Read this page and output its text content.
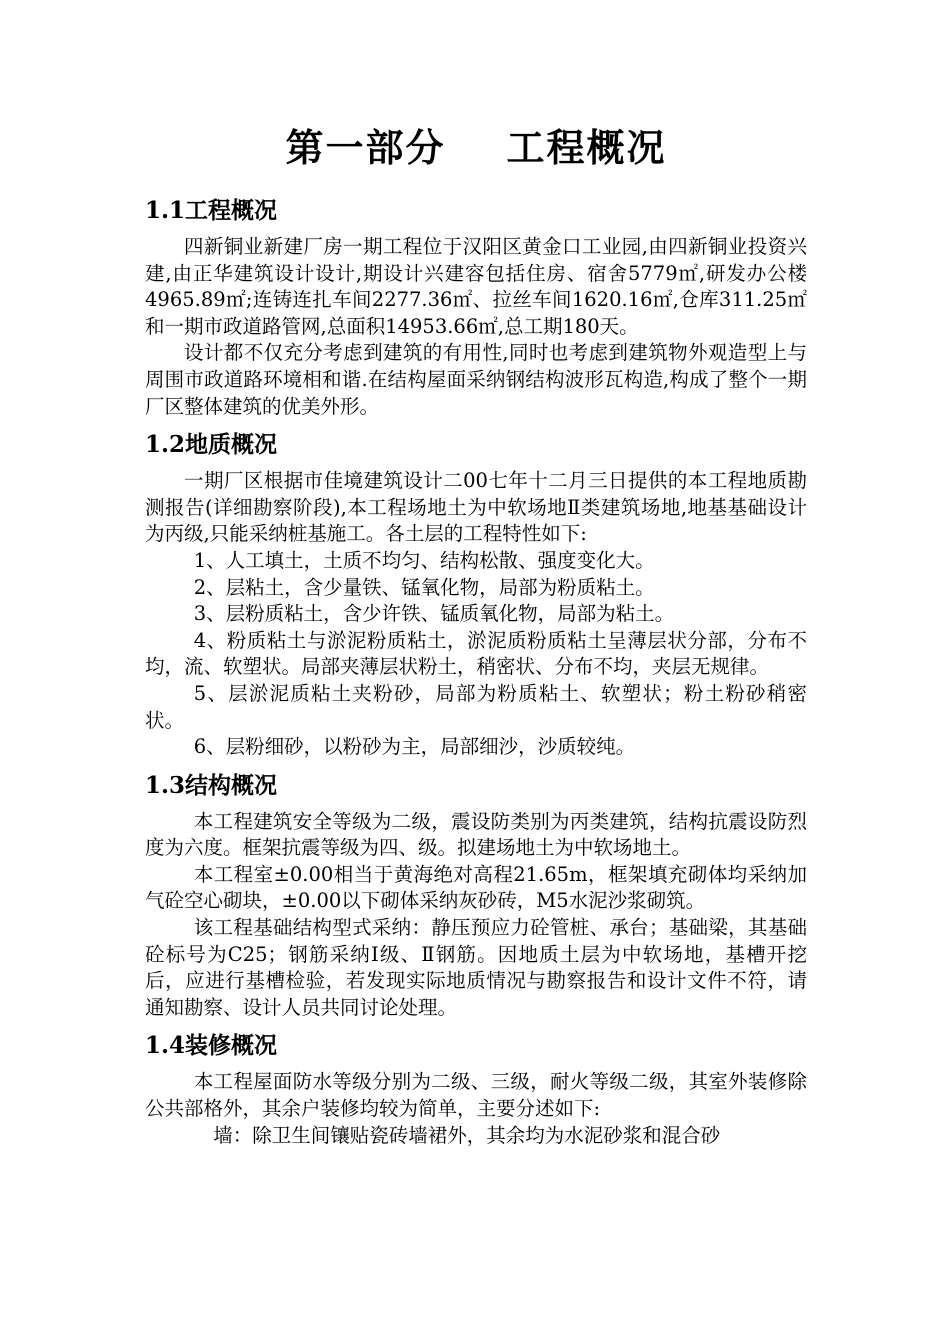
第一部分    工程概况
1.1工程概况

四新铜业新建厂房一期工程位于汉阳区黄金口工业园,由四新铜业投资兴建,由正华建筑设计设计,期设计兴建容包括住房、宿舍5779㎡,研发办公楼4965.89㎡;连铸连扎车间2277.36㎡、拉丝车间1620.16㎡,仓库311.25㎡和一期市政道路管网,总面积14953.66㎡,总工期180天。

设计都不仅充分考虑到建筑的有用性,同时也考虑到建筑物外观造型上与周围市政道路环境相和谐.在结构屋面采纳钢结构波形瓦构造,构成了整个一期厂区整体建筑的优美外形。

1.2地质概况

一期厂区根据市佳境建筑设计二00七年十二月三日提供的本工程地质勘测报告(详细勘察阶段),本工程场地土为中软场地Ⅱ类建筑场地,地基基础设计为丙级,只能采纳桩基施工。各土层的工程特性如下:

1、人工填土，土质不均匀、结构松散、强度变化大。

2、层粘土，含少量铁、锰氧化物，局部为粉质粘土。

3、层粉质粘土，含少许铁、锰质氧化物，局部为粘土。

4、粉质粘土与淤泥粉质粘土，淤泥质粉质粘土呈薄层状分部，分布不均，流、软塑状。局部夹薄层状粉土，稍密状、分布不均，夹层无规律。

5、层淤泥质粘土夹粉砂，局部为粉质粘土、软塑状；粉土粉砂稍密状。

6、层粉细砂，以粉砂为主，局部细沙，沙质较纯。

1.3结构概况

本工程建筑安全等级为二级，震设防类别为丙类建筑，结构抗震设防烈度为六度。框架抗震等级为四、级。拟建场地土为中软场地土。

本工程室±0.00相当于黄海绝对高程21.65m，框架填充砌体均采纳加气砼空心砌块，±0.00以下砌体采纳灰砂砖，M5水泥沙浆砌筑。

该工程基础结构型式采纳：静压预应力砼管桩、承台；基础梁，其基础砼标号为C25；钢筋采纳Ⅰ级、Ⅱ钢筋。因地质土层为中软场地，基槽开挖后，应进行基槽检验，若发现实际地质情况与勘察报告和设计文件不符，请通知勘察、设计人员共同讨论处理。

1.4装修概况

本工程屋面防水等级分别为二级、三级，耐火等级二级，其室外装修除公共部格外，其余户装修均较为简单，主要分述如下:

墙：除卫生间镶贴瓷砖墙裙外，其余均为水泥砂浆和混合砂
